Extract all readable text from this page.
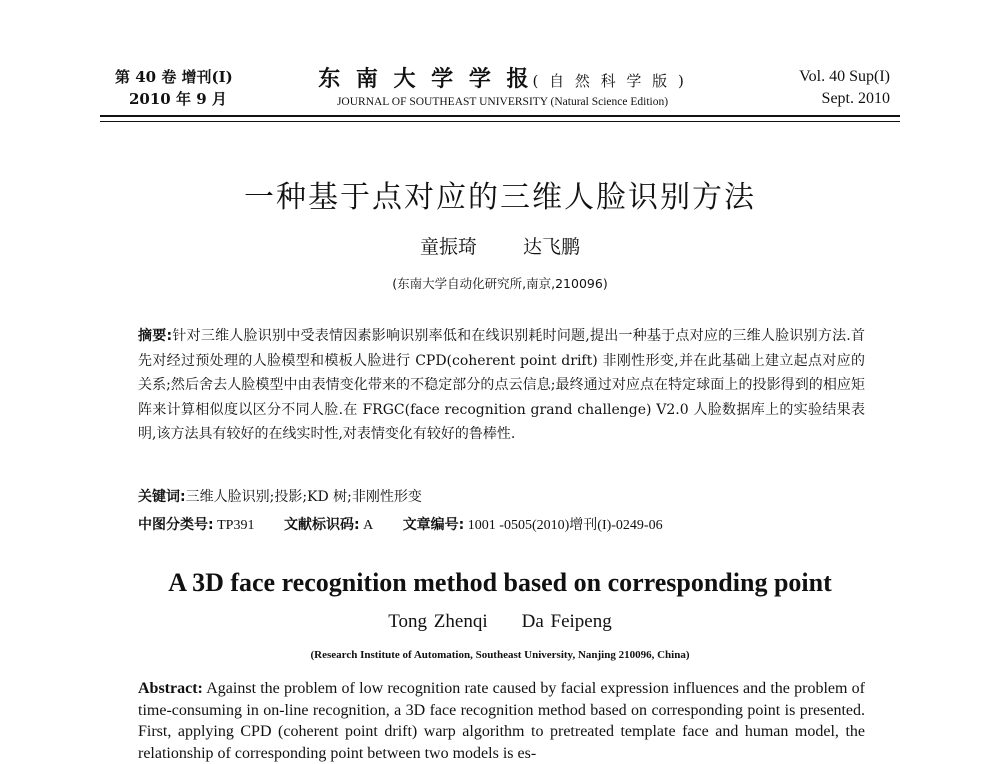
第 40 卷 增刊(I)
2010 年 9 月
东 南 大 学 学 报( 自 然 科 学 版 )
JOURNAL OF SOUTHEAST UNIVERSITY (Natural Science Edition)
Vol. 40 Sup(I)
Sept. 2010
一种基于点对应的三维人脸识别方法
童振琦 达飞鹏
(东南大学自动化研究所,南京,210096)
摘要:针对三维人脸识别中受表情因素影响识别率低和在线识别耗时问题,提出一种基于点对应的三维人脸识别方法.首先对经过预处理的人脸模型和模板人脸进行 CPD(coherent point drift) 非刚性形变,并在此基础上建立起点对应的关系;然后舍去人脸模型中由表情变化带来的不稳定部分的点云信息;最终通过对应点在特定球面上的投影得到的相应矩阵来计算相似度以区分不同人脸.在 FRGC(face recognition grand challenge) V2.0 人脸数据库上的实验结果表明,该方法具有较好的在线实时性,对表情变化有较好的鲁棒性.
关键词:三维人脸识别;投影;KD 树;非刚性形变
中图分类号: TP391 文献标识码: A 文章编号: 1001 -0505(2010)增刊(I)-0249-06
A 3D face recognition method based on corresponding point
Tong Zhenqi Da Feipeng
(Research Institute of Automation, Southeast University, Nanjing 210096, China)
Abstract: Against the problem of low recognition rate caused by facial expression influences and the problem of time-consuming in on-line recognition, a 3D face recognition method based on corresponding point is presented. First, applying CPD (coherent point drift) warp algorithm to pretreated template face and human model, the relationship of corresponding point between two models is es-
